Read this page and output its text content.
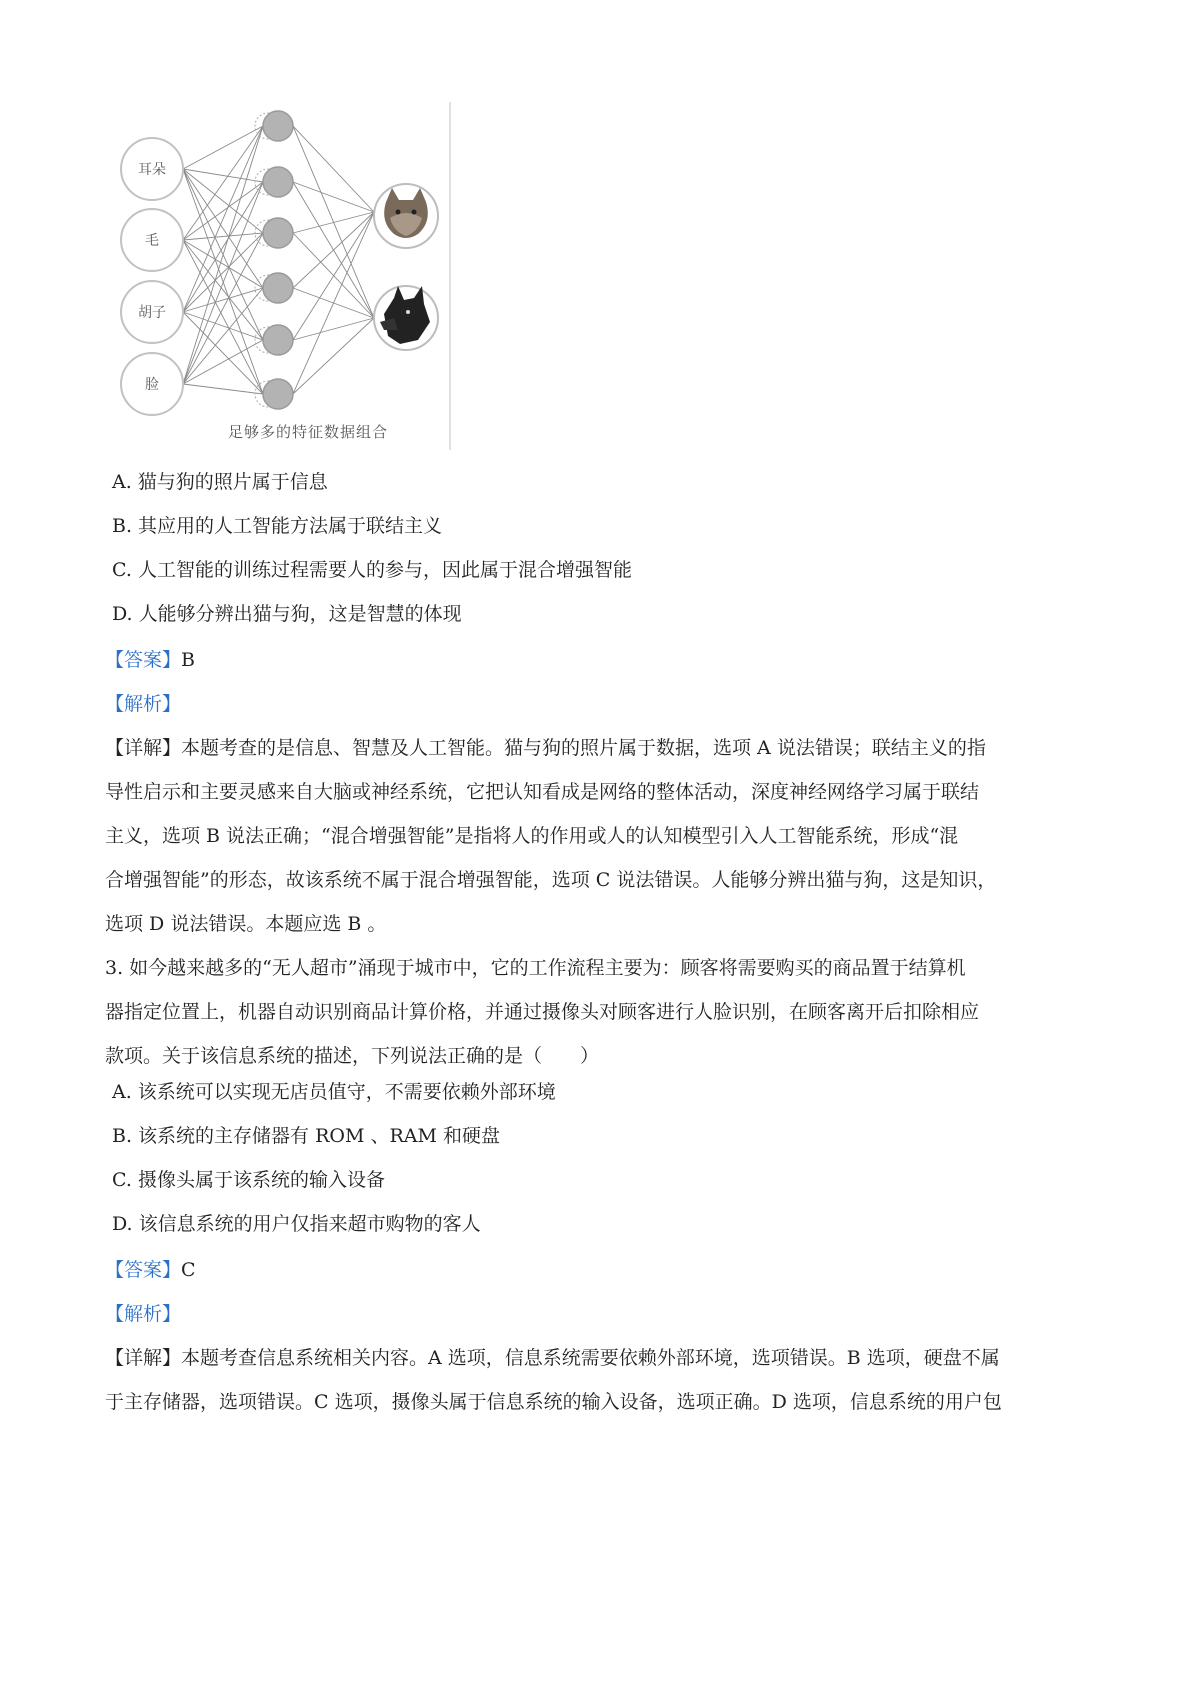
耳朵
毛
胡子
脸
足够多的特征数据组合
A. 猫与狗的照片属于信息
B. 其应用的人工智能方法属于联结主义
C. 人工智能的训练过程需要人的参与，因此属于混合增强智能
D. 人能够分辨出猫与狗，这是智慧的体现
【答案】B
【解析】
【详解】本题考查的是信息、智慧及人工智能。猫与狗的照片属于数据，选项 A 说法错误；联结主义的指
导性启示和主要灵感来自大脑或神经系统，它把认知看成是网络的整体活动，深度神经网络学习属于联结
主义，选项 B 说法正确；“混合增强智能”是指将人的作用或人的认知模型引入人工智能系统，形成“混
合增强智能”的形态，故该系统不属于混合增强智能，选项 C 说法错误。人能够分辨出猫与狗，这是知识，
选项 D 说法错误。本题应选 B 。
3. 如今越来越多的“无人超市”涌现于城市中，它的工作流程主要为：顾客将需要购买的商品置于结算机
器指定位置上，机器自动识别商品计算价格，并通过摄像头对顾客进行人脸识别，在顾客离开后扣除相应
款项。关于该信息系统的描述，下列说法正确的是（　　）
A. 该系统可以实现无店员值守，不需要依赖外部环境
B. 该系统的主存储器有 ROM 、RAM 和硬盘
C. 摄像头属于该系统的输入设备
D. 该信息系统的用户仅指来超市购物的客人
【答案】C
【解析】
【详解】本题考查信息系统相关内容。A 选项，信息系统需要依赖外部环境，选项错误。B 选项，硬盘不属
于主存储器，选项错误。C 选项，摄像头属于信息系统的输入设备，选项正确。D 选项，信息系统的用户包
